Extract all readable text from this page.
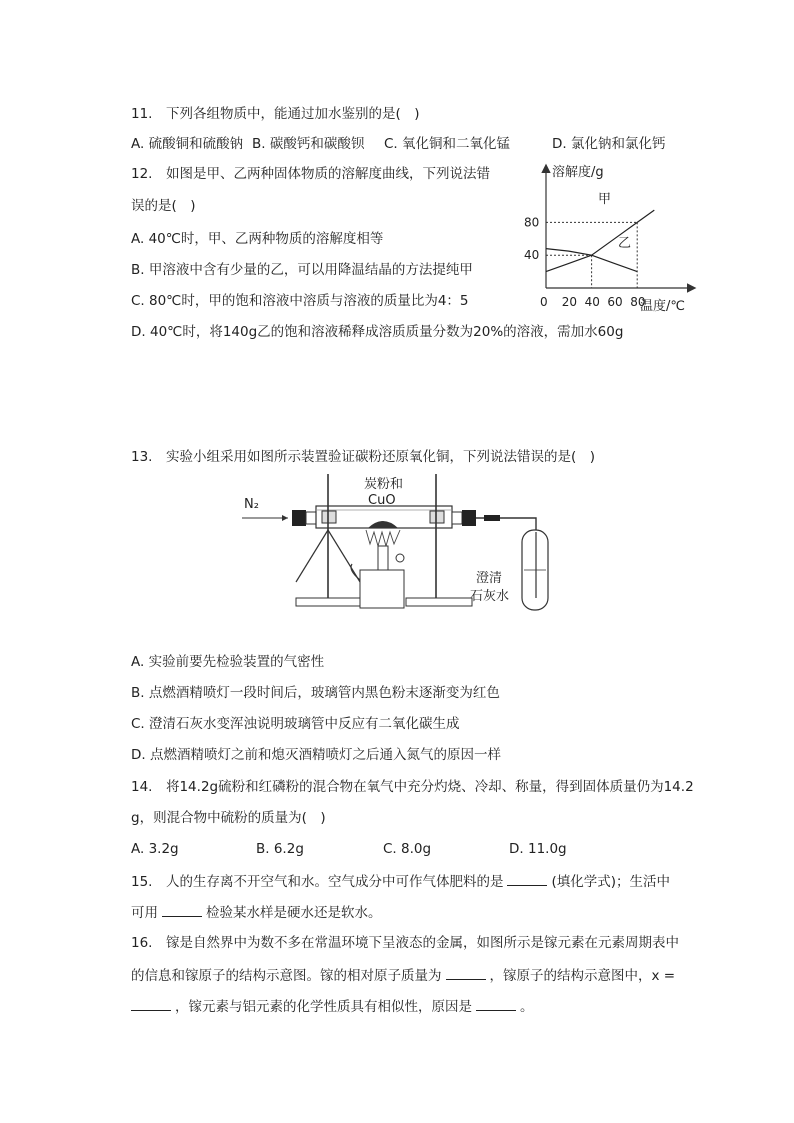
11.　下列各组物质中，能通过加水鉴别的是(　)
A. 硫酸铜和硫酸钠 B. 碳酸钙和碳酸钡 C. 氧化铜和二氧化锰	D. 氯化钠和氯化钙
12.　如图是甲、乙两种固体物质的溶解度曲线，下列说法错
误的是(　)
A. 40℃时，甲、乙两种物质的溶解度相等
B. 甲溶液中含有少量的乙，可以用降温结晶的方法提纯甲
C. 80℃时，甲的饱和溶液中溶质与溶液的质量比为4：5
D. 40℃时，将140g乙的饱和溶液稀释成溶质质量分数为20%的溶液，需加水60g
溶解度/g
温度/℃
0 20 40 60 80
40
80
甲
乙
13.　实验小组采用如图所示装置验证碳粉还原氧化铜，下列说法错误的是(　)
N₂
炭粉和
CuO
澄清
石灰水
A. 实验前要先检验装置的气密性
B. 点燃酒精喷灯一段时间后，玻璃管内黑色粉末逐渐变为红色
C. 澄清石灰水变浑浊说明玻璃管中反应有二氧化碳生成
D. 点燃酒精喷灯之前和熄灭酒精喷灯之后通入氮气的原因一样
14.　将14.2g硫粉和红磷粉的混合物在氧气中充分灼烧、冷却、称量，得到固体质量仍为14.2
g，则混合物中硫粉的质量为(　)
A. 3.2g	B. 6.2g	C. 8.0g	D. 11.0g
15.　人的生存离不开空气和水。空气成分中可作气体肥料的是	(填化学式)；生活中
可用	检验某水样是硬水还是软水。
16.　镓是自然界中为数不多在常温环境下呈液态的金属，如图所示是镓元素在元素周期表中
的信息和镓原子的结构示意图。镓的相对原子质量为	，镓原子的结构示意图中，x =
，镓元素与铝元素的化学性质具有相似性，原因是	。
